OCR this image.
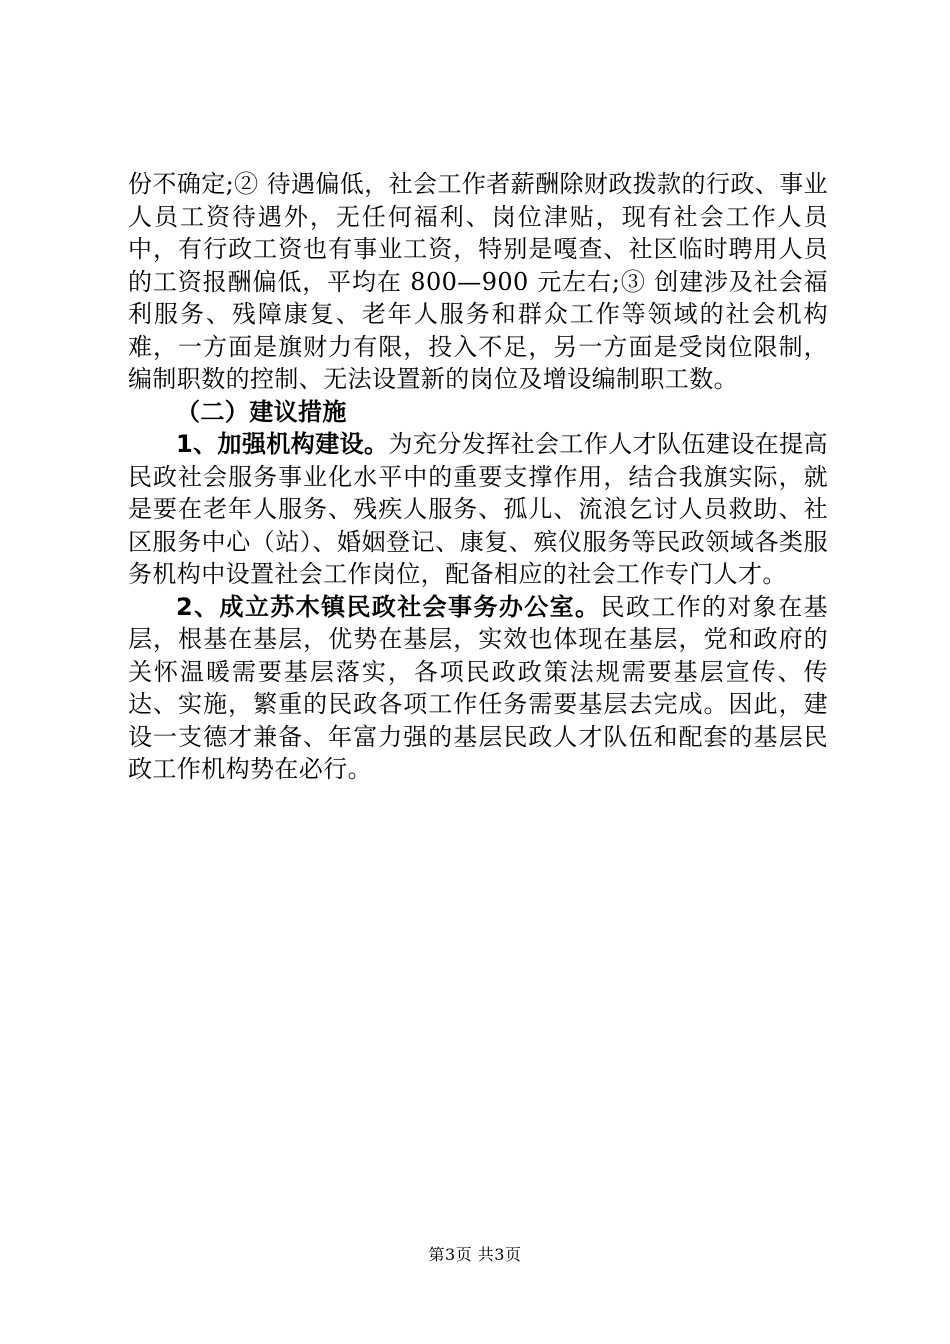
份不确定;② 待遇偏低，社会工作者薪酬除财政拨款的行政、事业人员工资待遇外，无任何福利、岗位津贴，现有社会工作人员中，有行政工资也有事业工资，特别是嘎查、社区临时聘用人员的工资报酬偏低，平均在 800—900 元左右;③ 创建涉及社会福利服务、残障康复、老年人服务和群众工作等领域的社会机构难，一方面是旗财力有限，投入不足，另一方面是受岗位限制，编制职数的控制、无法设置新的岗位及增设编制职工数。

（二）建议措施

1、加强机构建设。为充分发挥社会工作人才队伍建设在提高民政社会服务事业化水平中的重要支撑作用，结合我旗实际，就是要在老年人服务、残疾人服务、孤儿、流浪乞讨人员救助、社区服务中心（站）、婚姻登记、康复、殡仪服务等民政领域各类服务机构中设置社会工作岗位，配备相应的社会工作专门人才。

2、成立苏木镇民政社会事务办公室。民政工作的对象在基层，根基在基层，优势在基层，实效也体现在基层，党和政府的关怀温暖需要基层落实，各项民政政策法规需要基层宣传、传达、实施，繁重的民政各项工作任务需要基层去完成。因此，建设一支德才兼备、年富力强的基层民政人才队伍和配套的基层民政工作机构势在必行。

第3页 共3页
